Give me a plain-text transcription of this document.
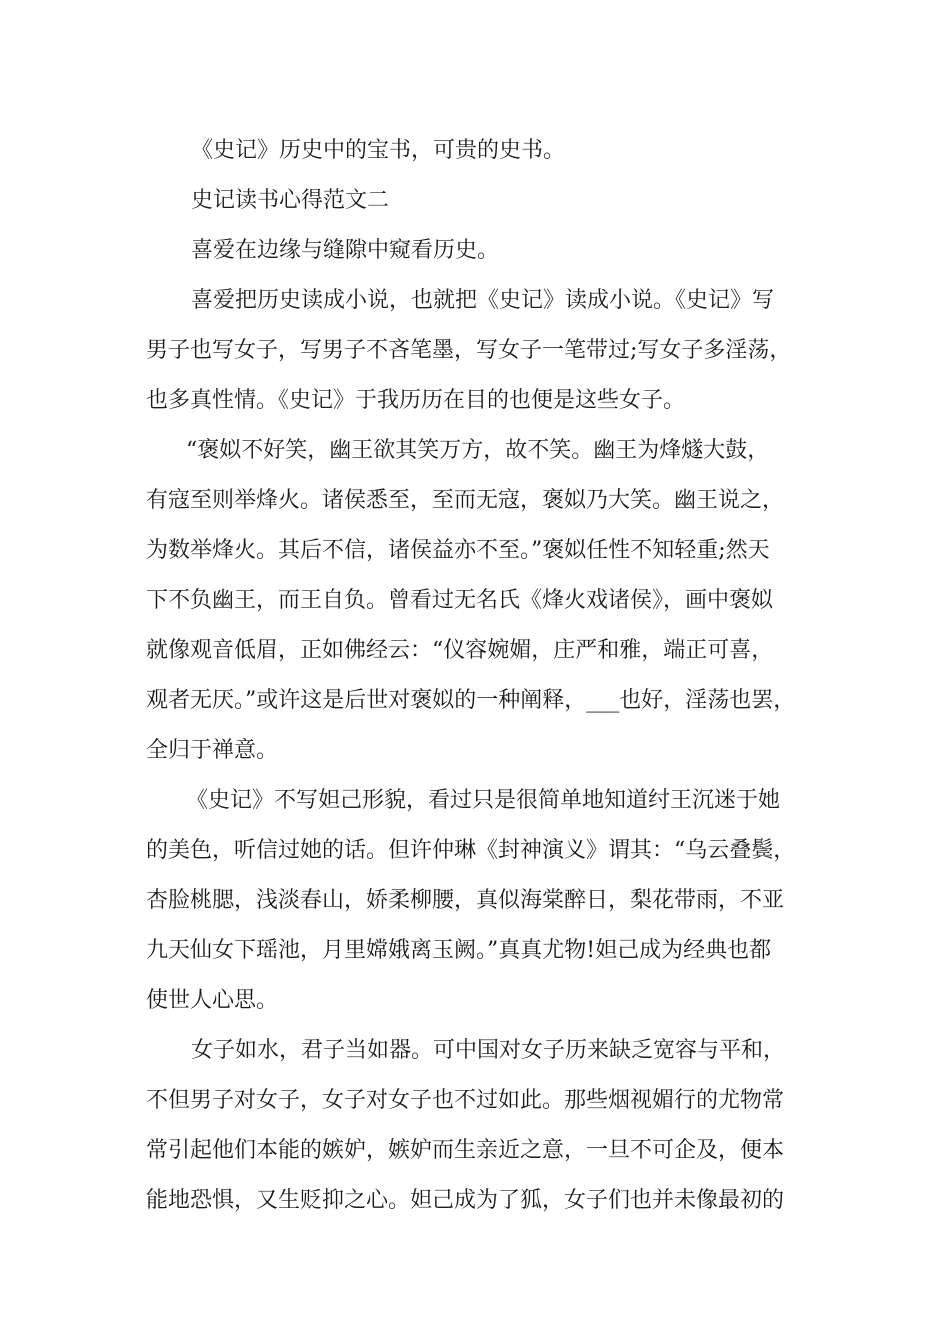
《史记》历史中的宝书，可贵的史书。
史记读书心得范文二
喜爱在边缘与缝隙中窥看历史。
喜爱把历史读成小说，也就把《史记》读成小说。《史记》写
男子也写女子，写男子不吝笔墨，写女子一笔带过;写女子多淫荡，
也多真性情。《史记》于我历历在目的也便是这些女子。
“褒姒不好笑，幽王欲其笑万方，故不笑。幽王为烽燧大鼓，
有寇至则举烽火。诸侯悉至，至而无寇，褒姒乃大笑。幽王说之，
为数举烽火。其后不信，诸侯益亦不至。”褒姒任性不知轻重;然天
下不负幽王，而王自负。曾看过无名氏《烽火戏诸侯》，画中褒姒
就像观音低眉，正如佛经云：“仪容婉媚，庄严和雅，端正可喜，
观者无厌。”或许这是后世对褒姒的一种阐释，___也好，淫荡也罢，
全归于禅意。
《史记》不写妲己形貌，看过只是很简单地知道纣王沉迷于她
的美色，听信过她的话。但许仲琳《封神演义》谓其：“乌云叠鬓，
杏脸桃腮，浅淡春山，娇柔柳腰，真似海棠醉日，梨花带雨，不亚
九天仙女下瑶池，月里嫦娥离玉阙。”真真尤物!妲己成为经典也都
使世人心思。
女子如水，君子当如器。可中国对女子历来缺乏宽容与平和，
不但男子对女子，女子对女子也不过如此。那些烟视媚行的尤物常
常引起他们本能的嫉妒，嫉妒而生亲近之意，一旦不可企及，便本
能地恐惧，又生贬抑之心。妲己成为了狐，女子们也并未像最初的
